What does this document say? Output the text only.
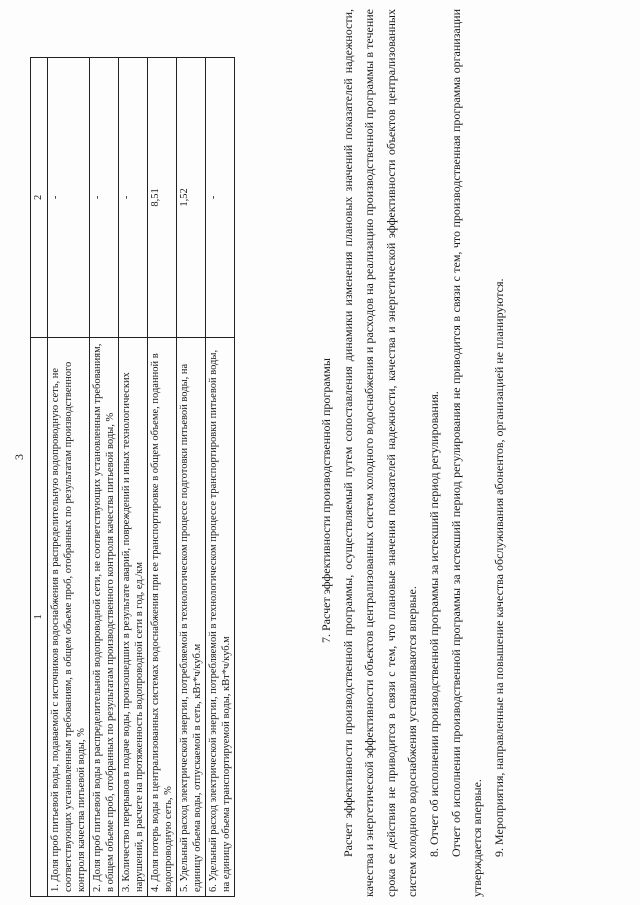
3
1	2
1. Доля проб питьевой воды, подаваемой с источников водоснабжения в распределительную водопроводную сеть, не соответствующих установленным требованиям, в общем объеме проб, отобранных по результатам производственного контроля качества питьевой воды, %	-
2. Доля проб питьевой воды в распределительной водопроводной сети, не соответствующих установленным требованиям, в общем объеме проб, отобранных по результатам производственного контроля качества питьевой воды, %	-
3. Количество перерывов в подаче воды, произошедших в результате аварий, повреждений и иных технологических нарушений, в расчете на протяженность водопроводной сети в год, ед./км	-
4. Доля потерь воды в централизованных системах водоснабжения при ее транспортировке в общем объеме, поданной в водопроводную сеть, %	8,51
5. Удельный расход электрической энергии, потребляемой в технологическом процессе подготовки питьевой воды, на единицу объема воды, отпускаемой в сеть, кВт*ч/куб.м	1,52
6. Удельный расход электрической энергии, потребляемой в технологическом процессе транспортировки питьевой воды, на единицу объема транспортируемой воды, кВт*ч/куб.м	-

7. Расчет эффективности производственной программы Расчет эффективности производственной программы, осуществляемый путем сопоставления динамики изменения плановых значений показателей надежности, качества и энергетической эффективности объектов централизованных систем холодного водоснабжения и расходов на реализацию производственной программы в течение срока ее действия не приводится в связи с тем, что плановые значения показателей надежности, качества и энергетической эффективности объектов централизованных систем холодного водоснабжения устанавливаются впервые. 8. Отчет об исполнении производственной программы за истекший период регулирования. Отчет об исполнении производственной программы за истекший период регулирования не приводится в связи с тем, что производственная программа организации утверждается впервые. 9. Мероприятия, направленные на повышение качества обслуживания абонентов, организацией не планируются.
